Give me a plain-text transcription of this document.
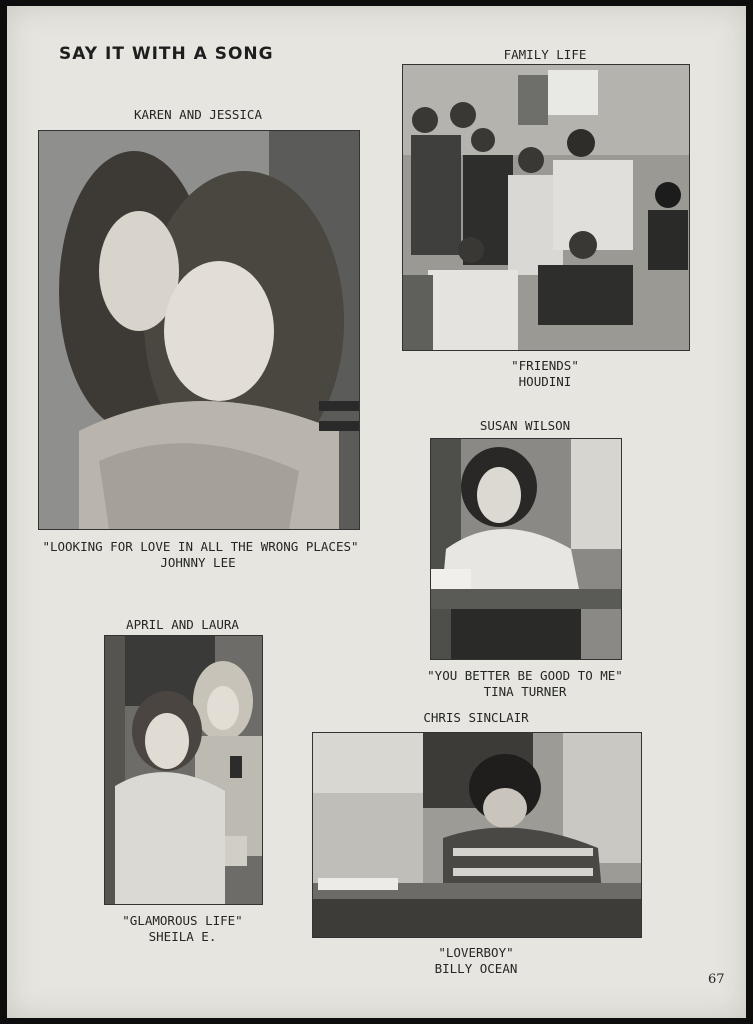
SAY IT WITH A SONG
KAREN AND JESSICA
"LOOKING FOR LOVE IN ALL THE WRONG PLACES"
JOHNNY LEE
FAMILY LIFE
"FRIENDS"
HOUDINI
SUSAN WILSON
"YOU BETTER BE GOOD TO ME"
TINA TURNER
APRIL AND LAURA
"GLAMOROUS LIFE"
SHEILA E.
CHRIS SINCLAIR
"LOVERBOY"
BILLY OCEAN
67
